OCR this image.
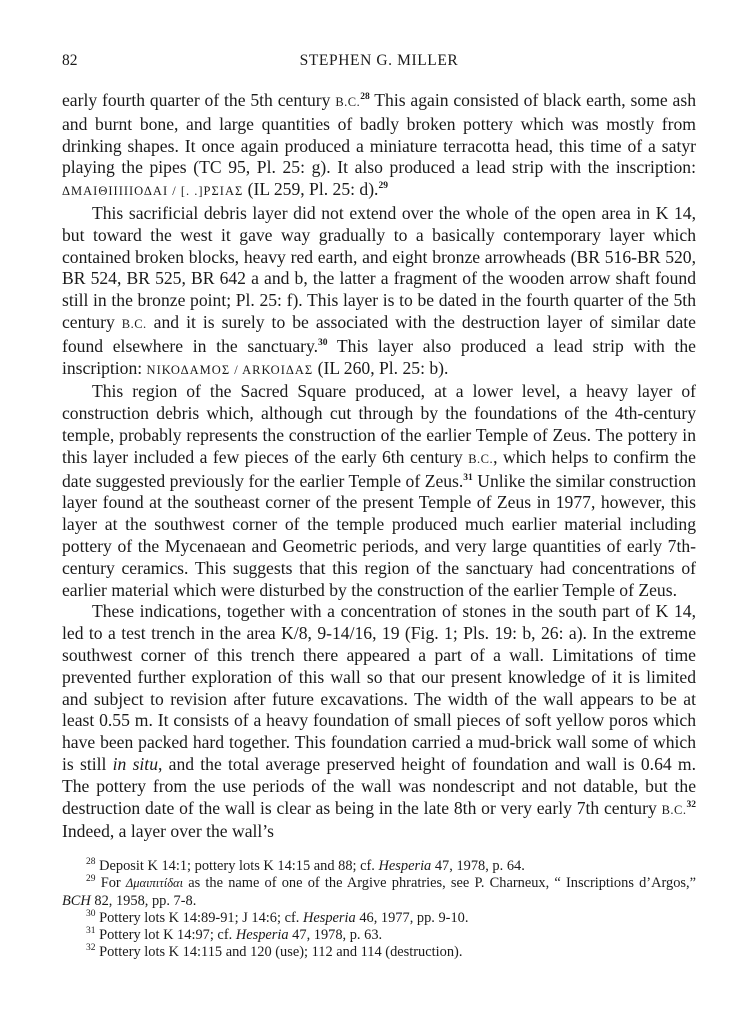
82	STEPHEN G. MILLER

early fourth quarter of the 5th century B.C.$^{28}$ This again consisted of black earth, some ash and burnt bone, and large quantities of badly broken pottery which was mostly from drinking shapes. It once again produced a miniature terracotta head, this time of a satyr playing the pipes (TC 95, Pl. 25: g). It also produced a lead strip with the inscription: ΔΜΑΙΘΙΙΙΙΙΟΔΑΙ / [. .]ΡΣΙΑΣ (IL 259, Pl. 25: d).$^{29}$

This sacrificial debris layer did not extend over the whole of the open area in K 14, but toward the west it gave way gradually to a basically contemporary layer which contained broken blocks, heavy red earth, and eight bronze arrowheads (BR 516-BR 520, BR 524, BR 525, BR 642 a and b, the latter a fragment of the wooden arrow shaft found still in the bronze point; Pl. 25: f). This layer is to be dated in the fourth quarter of the 5th century B.C. and it is surely to be associated with the destruction layer of similar date found elsewhere in the sanctuary.$^{30}$ This layer also produced a lead strip with the inscription: ΝΙΚΟΔΑΜΟΣ / ΑRΚΟΙΔΑΣ (IL 260, Pl. 25: b).

This region of the Sacred Square produced, at a lower level, a heavy layer of construction debris which, although cut through by the foundations of the 4th-century temple, probably represents the construction of the earlier Temple of Zeus. The pottery in this layer included a few pieces of the early 6th century B.C., which helps to confirm the date suggested previously for the earlier Temple of Zeus.$^{31}$ Unlike the similar construction layer found at the southeast corner of the present Temple of Zeus in 1977, however, this layer at the southwest corner of the temple produced much earlier material including pottery of the Mycenaean and Geometric periods, and very large quantities of early 7th-century ceramics. This suggests that this region of the sanctuary had concentrations of earlier material which were disturbed by the construction of the earlier Temple of Zeus.

These indications, together with a concentration of stones in the south part of K 14, led to a test trench in the area K/8, 9-14/16, 19 (Fig. 1; Pls. 19: b, 26: a). In the extreme southwest corner of this trench there appeared a part of a wall. Limitations of time prevented further exploration of this wall so that our present knowledge of it is limited and subject to revision after future excavations. The width of the wall appears to be at least 0.55 m. It consists of a heavy foundation of small pieces of soft yellow poros which have been packed hard together. This foundation carried a mud-brick wall some of which is still in situ, and the total average preserved height of foundation and wall is 0.64 m. The pottery from the use periods of the wall was nondescript and not datable, but the destruction date of the wall is clear as being in the late 8th or very early 7th century B.C.$^{32}$ Indeed, a layer over the wall’s

$^{28}$ Deposit K 14:1; pottery lots K 14:15 and 88; cf. Hesperia 47, 1978, p. 64.

$^{29}$ For Δμαιπιτίδαι as the name of one of the Argive phratries, see P. Charneux, “ Inscriptions d’Argos,” BCH 82, 1958, pp. 7-8.

$^{30}$ Pottery lots K 14:89-91; J 14:6; cf. Hesperia 46, 1977, pp. 9-10.

$^{31}$ Pottery lot K 14:97; cf. Hesperia 47, 1978, p. 63.

$^{32}$ Pottery lots K 14:115 and 120 (use); 112 and 114 (destruction).
